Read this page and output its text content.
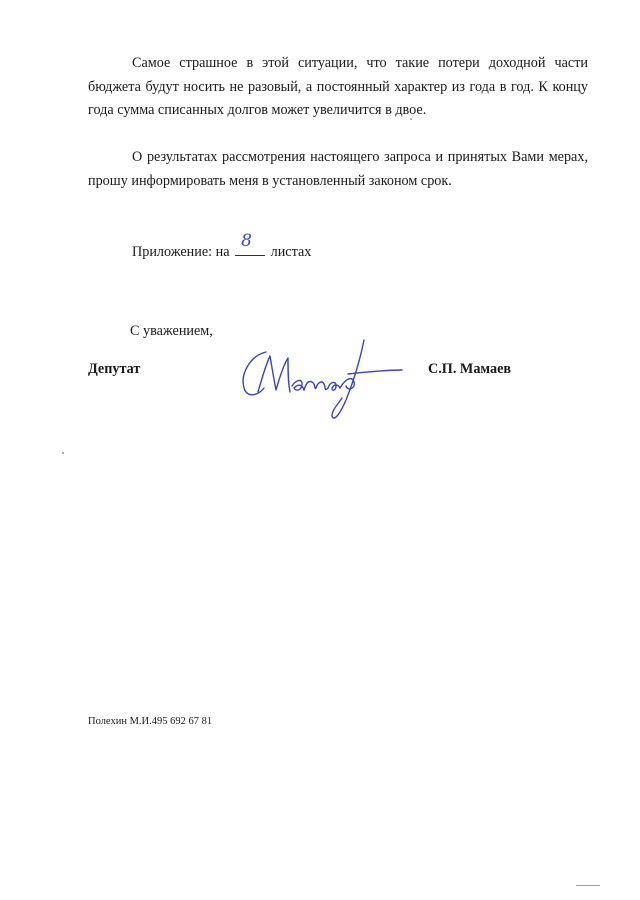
Самое страшное в этой ситуации, что такие потери доходной части бюджета будут носить не разовый, а постоянный характер из года в год. К концу года сумма списанных долгов может увеличится в двое.

О результатах рассмотрения настоящего запроса и принятых Вами мерах, прошу информировать меня в установленный законом срок.

Приложение: на
8
листах
С уважением,
Депутат	С.П. Мамаев
Полехин М.И.495 692 67 81
